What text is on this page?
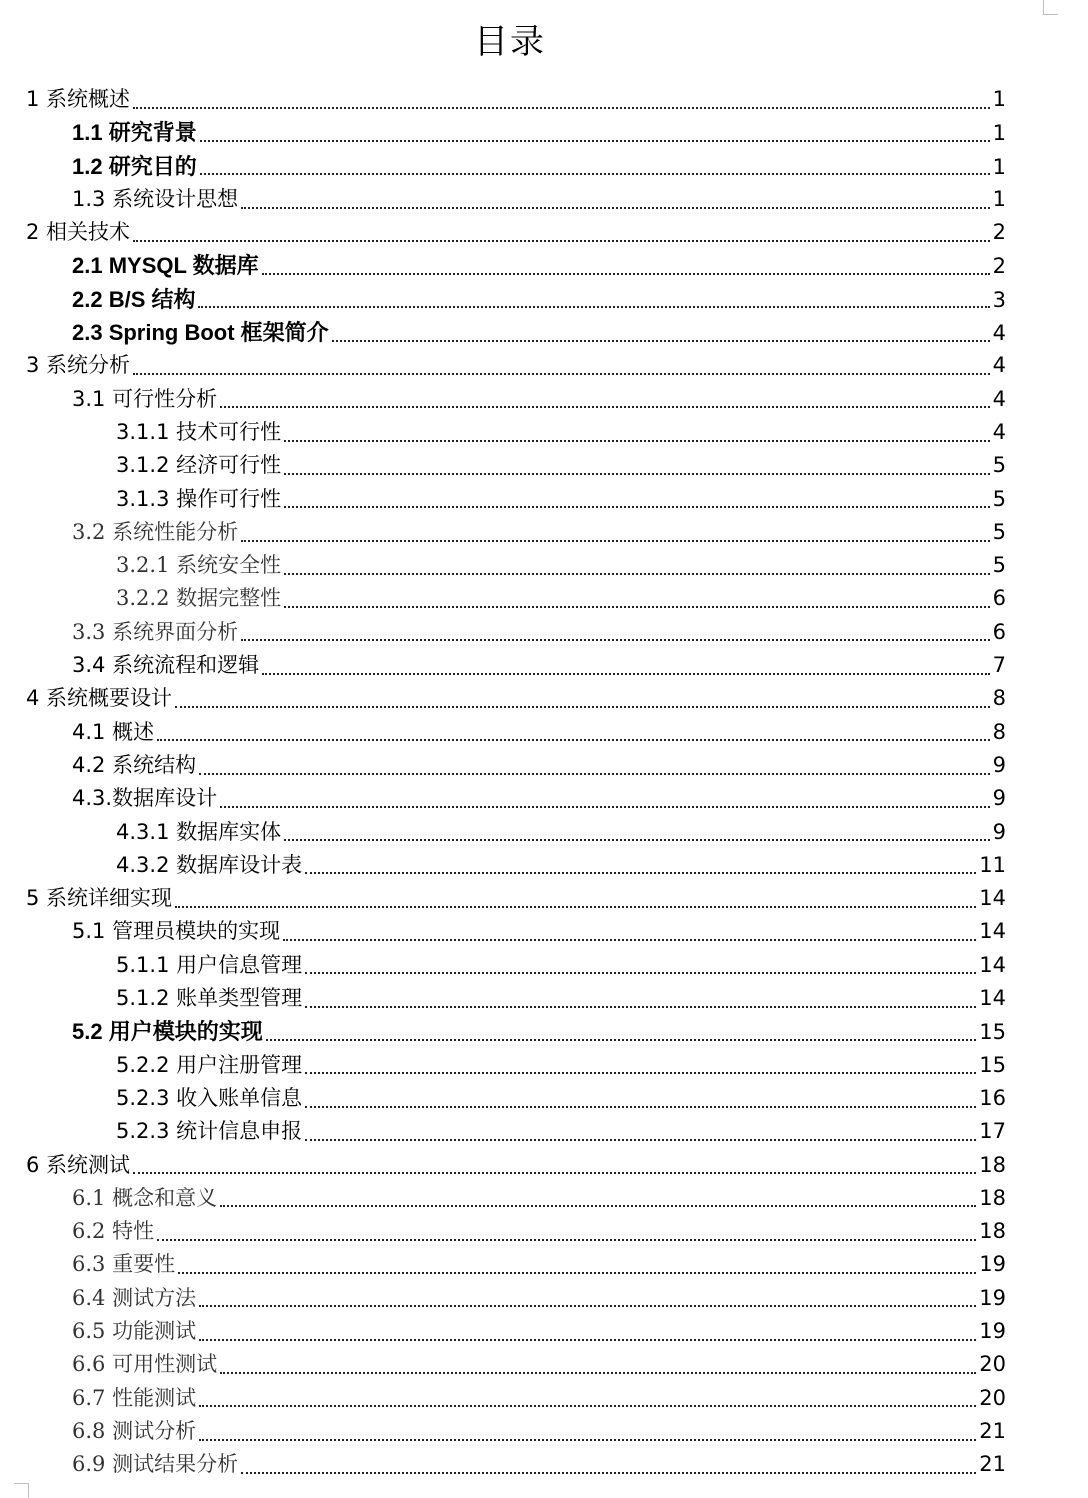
目录
1 系统概述	1
1.1 研究背景	1
1.2 研究目的	1
1.3 系统设计思想	1
2 相关技术	2
2.1 MYSQL 数据库	2
2.2 B/S 结构	3
2.3 Spring Boot 框架简介	4
3 系统分析	4
3.1 可行性分析	4
3.1.1 技术可行性	4
3.1.2 经济可行性	5
3.1.3 操作可行性	5
3.2 系统性能分析	5
3.2.1 系统安全性	5
3.2.2 数据完整性	6
3.3 系统界面分析	6
3.4 系统流程和逻辑	7
4 系统概要设计	8
4.1 概述	8
4.2 系统结构	9
4.3.数据库设计	9
4.3.1 数据库实体	9
4.3.2 数据库设计表	11
5 系统详细实现	14
5.1 管理员模块的实现	14
5.1.1 用户信息管理	14
5.1.2 账单类型管理	14
5.2 用户模块的实现	15
5.2.2 用户注册管理	15
5.2.3 收入账单信息	16
5.2.3 统计信息申报	17
6 系统测试	18
6.1 概念和意义	18
6.2 特性	18
6.3 重要性	19
6.4 测试方法	19
6.5 功能测试	19
6.6 可用性测试	20
6.7 性能测试	20
6.8 测试分析	21
6.9 测试结果分析	21
